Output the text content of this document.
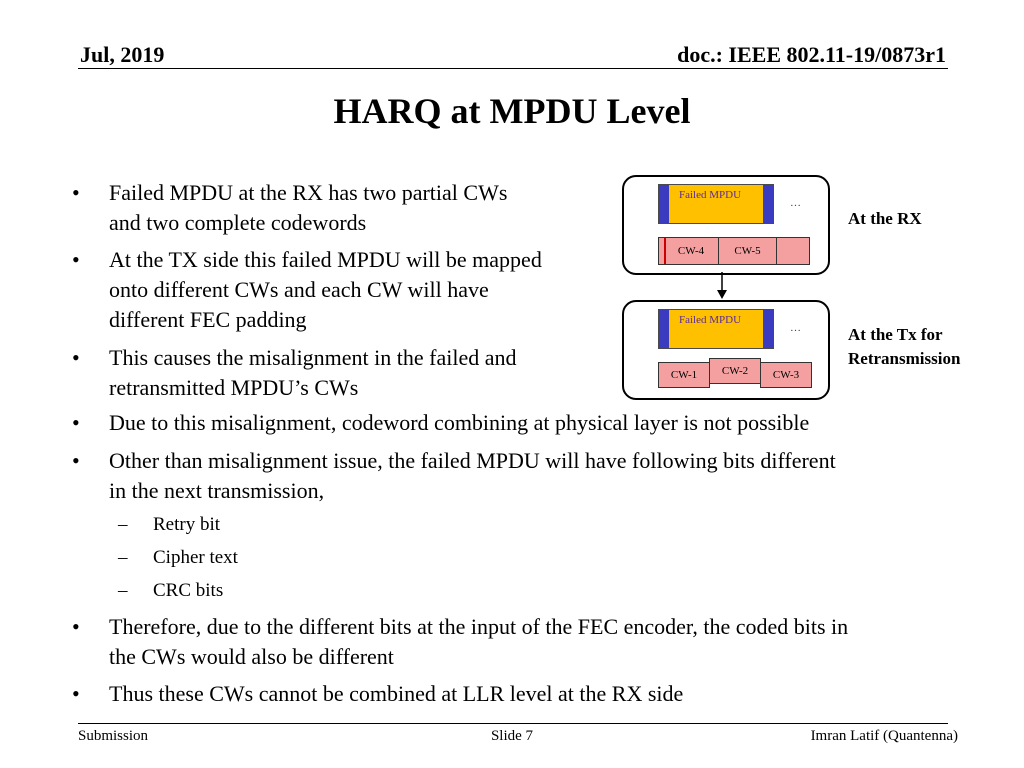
Jul, 2019	doc.: IEEE 802.11-19/0873r1
HARQ at MPDU Level
• Failed MPDU at the RX has two partial CWs
and two complete codewords
• At the TX side this failed MPDU will be mapped
onto different CWs and each CW will have
different FEC padding
• This causes the misalignment in the failed and
retransmitted MPDU’s CWs
• Due to this misalignment, codeword combining at physical layer is not possible
• Other than misalignment issue, the failed MPDU will have following bits different
in the next transmission,
– Retry bit
– Cipher text
– CRC bits
• Therefore, due to the different bits at the input of the FEC encoder, the coded bits in
the CWs would also be different
• Thus these CWs cannot be combined at LLR level at the RX side
Failed MPDU
…
CW-4	CW-5
Failed MPDU
…
CW-1	CW-2	CW-3
At the RX
At the Tx for
Retransmission
Submission	Slide 7	Imran Latif (Quantenna)
